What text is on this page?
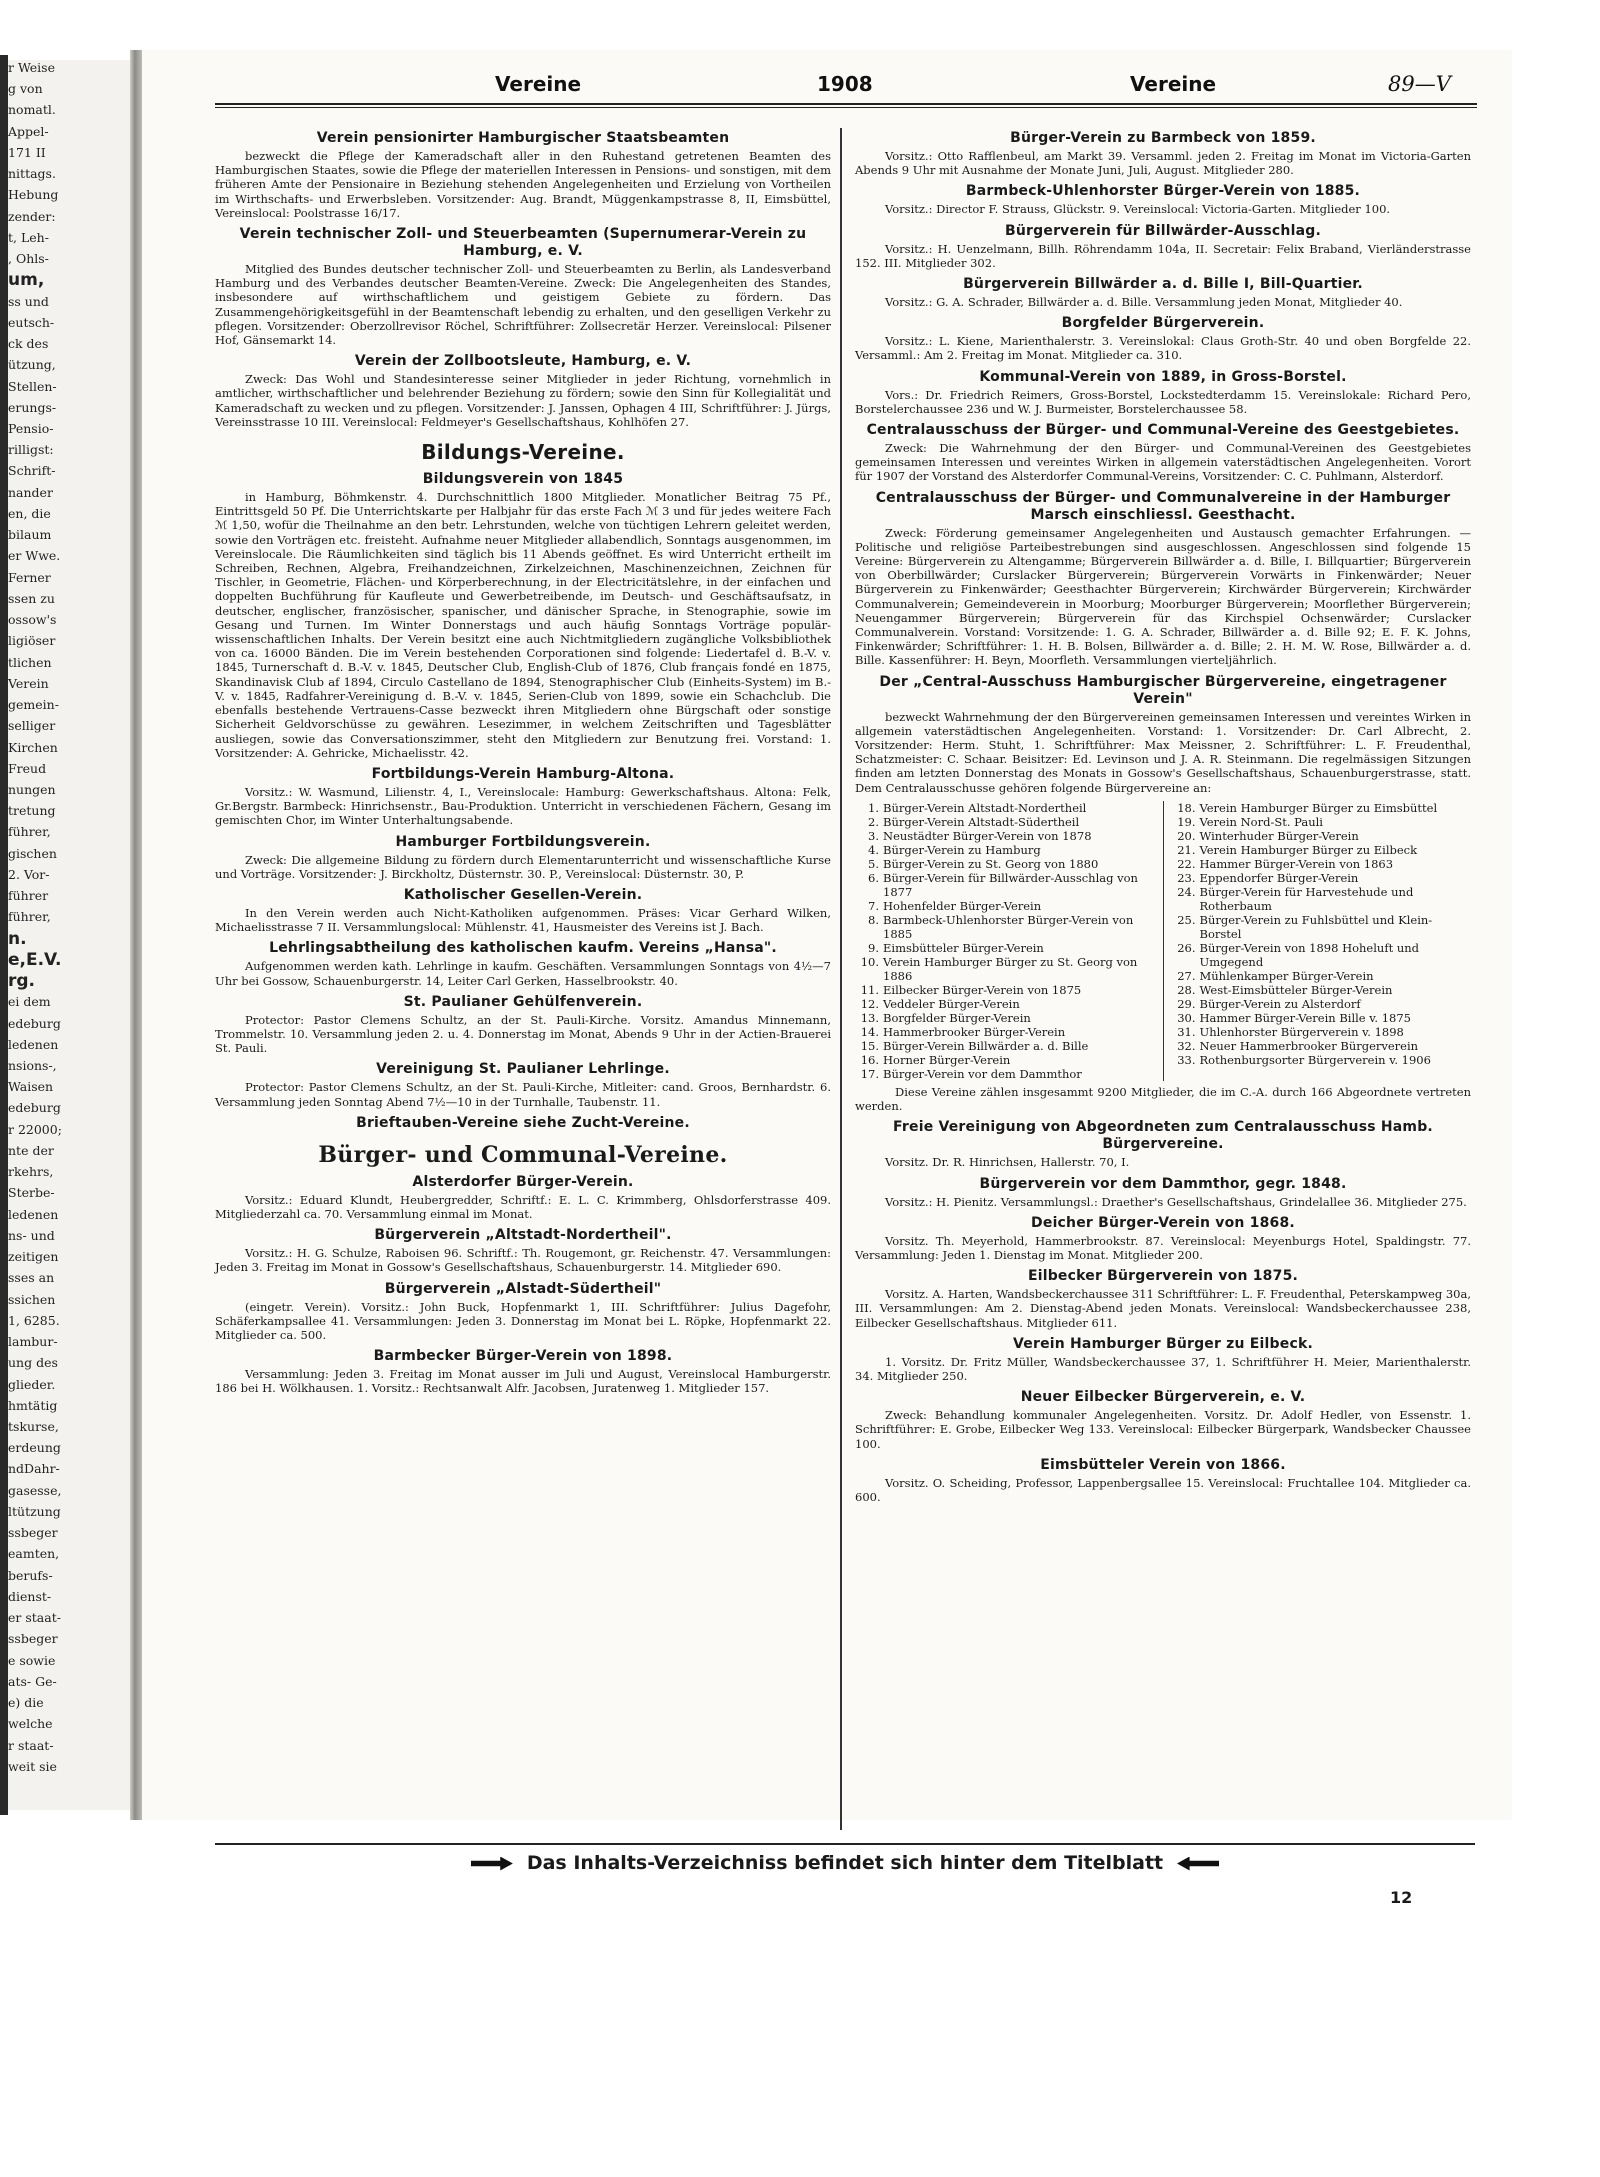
r Weise
g von
nomatl.
Appel-
171 II
nittags.
Hebung
zender:
t, Leh-
, Ohls-
um,
ss und
eutsch-
ck des
ützung,
Stellen-
erungs-
Pensio-
rilligst:
Schrift-
nander
en, die
bilaum
er Wwe.
Ferner
ssen zu
ossow's
ligiöser
tlichen
Verein
gemein-
selliger
Kirchen
Freud
nungen
tretung
führer,
gischen
2. Vor-
führer
führer,
n.
e,E.V.
rg.
ei dem
edeburg
ledenen
nsions-,
Waisen
edeburg
r 22000;
nte der
rkehrs,
Sterbe-
ledenen
ns- und
zeitigen
sses an
ssichen
1, 6285.
lambur-
ung des
glieder.
hmtätig
tskurse,
erdeung
ndDahr-
gasesse,
ltützung
ssbeger
eamten,
berufs-
dienst-
er staat-
ssbeger
e sowie
ats- Ge-
e) die
welche
r staat-
weit sie
Vereine	1908	Vereine	89—V
Verein pensionirter Hamburgischer Staatsbeamten

bezweckt die Pflege der Kameradschaft aller in den Ruhestand getretenen Beamten des Hamburgischen Staates, sowie die Pflege der materiellen Interessen in Pensions- und sonstigen, mit dem früheren Amte der Pensionaire in Beziehung stehenden Angelegenheiten und Erzielung von Vortheilen im Wirthschafts- und Erwerbsleben. Vorsitzender: Aug. Brandt, Müggenkampstrasse 8, II, Eimsbüttel, Vereinslocal: Poolstrasse 16/17.

Verein technischer Zoll- und Steuerbeamten (Supernumerar-Verein zu Hamburg, e. V.

Mitglied des Bundes deutscher technischer Zoll- und Steuerbeamten zu Berlin, als Landesverband Hamburg und des Verbandes deutscher Beamten-Vereine. Zweck: Die Angelegenheiten des Standes, insbesondere auf wirthschaftlichem und geistigem Gebiete zu fördern. Das Zusammengehörigkeitsgefühl in der Beamtenschaft lebendig zu erhalten, und den geselligen Verkehr zu pflegen. Vorsitzender: Oberzollrevisor Röchel, Schriftführer: Zollsecretär Herzer. Vereinslocal: Pilsener Hof, Gänsemarkt 14.

Verein der Zollbootsleute, Hamburg, e. V.

Zweck: Das Wohl und Standesinteresse seiner Mitglieder in jeder Richtung, vornehmlich in amtlicher, wirthschaftlicher und belehrender Beziehung zu fördern; sowie den Sinn für Kollegialität und Kameradschaft zu wecken und zu pflegen. Vorsitzender: J. Janssen, Ophagen 4 III, Schriftführer: J. Jürgs, Vereinsstrasse 10 III. Vereinslocal: Feldmeyer's Gesellschaftshaus, Kohlhöfen 27.

Bildungs-Vereine.
Bildungsverein von 1845

in Hamburg, Böhmkenstr. 4. Durchschnittlich 1800 Mitglieder. Monatlicher Beitrag 75 Pf., Eintrittsgeld 50 Pf. Die Unterrichtskarte per Halbjahr für das erste Fach ℳ 3 und für jedes weitere Fach ℳ 1,50, wofür die Theilnahme an den betr. Lehrstunden, welche von tüchtigen Lehrern geleitet werden, sowie den Vorträgen etc. freisteht. Aufnahme neuer Mitglieder allabendlich, Sonntags ausgenommen, im Vereinslocale. Die Räumlichkeiten sind täglich bis 11 Abends geöffnet. Es wird Unterricht ertheilt im Schreiben, Rechnen, Algebra, Freihandzeichnen, Zirkelzeichnen, Maschinenzeichnen, Zeichnen für Tischler, in Geometrie, Flächen- und Körperberechnung, in der Electricitätslehre, in der einfachen und doppelten Buchführung für Kaufleute und Gewerbetreibende, im Deutsch- und Geschäftsaufsatz, in deutscher, englischer, französischer, spanischer, und dänischer Sprache, in Stenographie, sowie im Gesang und Turnen. Im Winter Donnerstags und auch häufig Sonntags Vorträge populär-wissenschaftlichen Inhalts. Der Verein besitzt eine auch Nichtmitgliedern zugängliche Volksbibliothek von ca. 16000 Bänden. Die im Verein bestehenden Corporationen sind folgende: Liedertafel d. B.-V. v. 1845, Turnerschaft d. B.-V. v. 1845, Deutscher Club, English-Club of 1876, Club français fondé en 1875, Skandinavisk Club af 1894, Circulo Castellano de 1894, Stenographischer Club (Einheits-System) im B.-V. v. 1845, Radfahrer-Vereinigung d. B.-V. v. 1845, Serien-Club von 1899, sowie ein Schachclub. Die ebenfalls bestehende Vertrauens-Casse bezweckt ihren Mitgliedern ohne Bürgschaft oder sonstige Sicherheit Geldvorschüsse zu gewähren. Lesezimmer, in welchem Zeitschriften und Tagesblätter ausliegen, sowie das Conversationszimmer, steht den Mitgliedern zur Benutzung frei. Vorstand: 1. Vorsitzender: A. Gehricke, Michaelisstr. 42.

Fortbildungs-Verein Hamburg-Altona.

Vorsitz.: W. Wasmund, Lilienstr. 4, I., Vereinslocale: Hamburg: Gewerkschaftshaus. Altona: Felk, Gr.Bergstr. Barmbeck: Hinrichsenstr., Bau-Produktion. Unterricht in verschiedenen Fächern, Gesang im gemischten Chor, im Winter Unterhaltungsabende.

Hamburger Fortbildungsverein.

Zweck: Die allgemeine Bildung zu fördern durch Elementarunterricht und wissenschaftliche Kurse und Vorträge. Vorsitzender: J. Birckholtz, Düsternstr. 30. P., Vereinslocal: Düsternstr. 30, P.

Katholischer Gesellen-Verein.

In den Verein werden auch Nicht-Katholiken aufgenommen. Präses: Vicar Gerhard Wilken, Michaelisstrasse 7 II. Versammlungslocal: Mühlenstr. 41, Hausmeister des Vereins ist J. Bach.

Lehrlingsabtheilung des katholischen kaufm. Vereins „Hansa".

Aufgenommen werden kath. Lehrlinge in kaufm. Geschäften. Versammlungen Sonntags von 4½—7 Uhr bei Gossow, Schauenburgerstr. 14, Leiter Carl Gerken, Hasselbrookstr. 40.

St. Paulianer Gehülfenverein.

Protector: Pastor Clemens Schultz, an der St. Pauli-Kirche. Vorsitz. Amandus Minnemann, Trommelstr. 10. Versammlung jeden 2. u. 4. Donnerstag im Monat, Abends 9 Uhr in der Actien-Brauerei St. Pauli.

Vereinigung St. Paulianer Lehrlinge.

Protector: Pastor Clemens Schultz, an der St. Pauli-Kirche, Mitleiter: cand. Groos, Bernhardstr. 6. Versammlung jeden Sonntag Abend 7½—10 in der Turnhalle, Taubenstr. 11.

Brieftauben-Vereine siehe Zucht-Vereine.
Bürger- und Communal-Vereine.
Alsterdorfer Bürger-Verein.

Vorsitz.: Eduard Klundt, Heubergredder, Schriftf.: E. L. C. Krimmberg, Ohlsdorferstrasse 409. Mitgliederzahl ca. 70. Versammlung einmal im Monat.

Bürgerverein „Altstadt-Nordertheil".

Vorsitz.: H. G. Schulze, Raboisen 96. Schriftf.: Th. Rougemont, gr. Reichenstr. 47. Versammlungen: Jeden 3. Freitag im Monat in Gossow's Gesellschaftshaus, Schauenburgerstr. 14. Mitglieder 690.

Bürgerverein „Alstadt-Südertheil"

(eingetr. Verein). Vorsitz.: John Buck, Hopfenmarkt 1, III. Schriftführer: Julius Dagefohr, Schäferkampsallee 41. Versammlungen: Jeden 3. Donnerstag im Monat bei L. Röpke, Hopfenmarkt 22. Mitglieder ca. 500.

Barmbecker Bürger-Verein von 1898.

Versammlung: Jeden 3. Freitag im Monat ausser im Juli und August, Vereinslocal Hamburgerstr. 186 bei H. Wölkhausen. 1. Vorsitz.: Rechtsanwalt Alfr. Jacobsen, Juratenweg 1. Mitglieder 157.

Bürger-Verein zu Barmbeck von 1859.

Vorsitz.: Otto Rafflenbeul, am Markt 39. Versamml. jeden 2. Freitag im Monat im Victoria-Garten Abends 9 Uhr mit Ausnahme der Monate Juni, Juli, August. Mitglieder 280.

Barmbeck-Uhlenhorster Bürger-Verein von 1885.

Vorsitz.: Director F. Strauss, Glückstr. 9. Vereinslocal: Victoria-Garten. Mitglieder 100.

Bürgerverein für Billwärder-Ausschlag.

Vorsitz.: H. Uenzelmann, Billh. Röhrendamm 104a, II. Secretair: Felix Braband, Vierländerstrasse 152. III. Mitglieder 302.

Bürgerverein Billwärder a. d. Bille I, Bill-Quartier.

Vorsitz.: G. A. Schrader, Billwärder a. d. Bille. Versammlung jeden Monat, Mitglieder 40.

Borgfelder Bürgerverein.

Vorsitz.: L. Kiene, Marienthalerstr. 3. Vereinslokal: Claus Groth-Str. 40 und oben Borgfelde 22. Versamml.: Am 2. Freitag im Monat. Mitglieder ca. 310.

Kommunal-Verein von 1889, in Gross-Borstel.

Vors.: Dr. Friedrich Reimers, Gross-Borstel, Lockstedterdamm 15. Vereinslokale: Richard Pero, Borstelerchaussee 236 und W. J. Burmeister, Borstelerchaussee 58.

Centralausschuss der Bürger- und Communal-Vereine des Geestgebietes.

Zweck: Die Wahrnehmung der den Bürger- und Communal-Vereinen des Geestgebietes gemeinsamen Interessen und vereintes Wirken in allgemein vaterstädtischen Angelegenheiten. Vorort für 1907 der Vorstand des Alsterdorfer Communal-Vereins, Vorsitzender: C. C. Puhlmann, Alsterdorf.

Centralausschuss der Bürger- und Communalvereine in der Hamburger Marsch einschliessl. Geesthacht.

Zweck: Förderung gemeinsamer Angelegenheiten und Austausch gemachter Erfahrungen. — Politische und religiöse Parteibestrebungen sind ausgeschlossen. Angeschlossen sind folgende 15 Vereine: Bürgerverein zu Altengamme; Bürgerverein Billwärder a. d. Bille, I. Billquartier; Bürgerverein von Oberbillwärder; Curslacker Bürgerverein; Bürgerverein Vorwärts in Finkenwärder; Neuer Bürgerverein zu Finkenwärder; Geesthachter Bürgerverein; Kirchwärder Bürgerverein; Kirchwärder Communalverein; Gemeindeverein in Moorburg; Moorburger Bürgerverein; Moorflether Bürgerverein; Neuengammer Bürgerverein; Bürgerverein für das Kirchspiel Ochsenwärder; Curslacker Communalverein. Vorstand: Vorsitzende: 1. G. A. Schrader, Billwärder a. d. Bille 92; E. F. K. Johns, Finkenwärder; Schriftführer: 1. H. B. Bolsen, Billwärder a. d. Bille; 2. H. M. W. Rose, Billwärder a. d. Bille. Kassenführer: H. Beyn, Moorfleth. Versammlungen vierteljährlich.

Der „Central-Ausschuss Hamburgischer Bürgervereine, eingetragener Verein"

bezweckt Wahrnehmung der den Bürgervereinen gemeinsamen Interessen und vereintes Wirken in allgemein vaterstädtischen Angelegenheiten. Vorstand: 1. Vorsitzender: Dr. Carl Albrecht, 2. Vorsitzender: Herm. Stuht, 1. Schriftführer: Max Meissner, 2. Schriftführer: L. F. Freudenthal, Schatzmeister: C. Schaar. Beisitzer: Ed. Levinson und J. A. R. Steinmann. Die regelmässigen Sitzungen finden am letzten Donnerstag des Monats in Gossow's Gesellschaftshaus, Schauenburgerstrasse, statt. Dem Centralausschusse gehören folgende Bürgervereine an:

1. Bürger-Verein Altstadt-Nordertheil
2. Bürger-Verein Altstadt-Südertheil
3. Neustädter Bürger-Verein von 1878
4. Bürger-Verein zu Hamburg
5. Bürger-Verein zu St. Georg von 1880
6. Bürger-Verein für Billwärder-Ausschlag von 1877
7. Hohenfelder Bürger-Verein
8. Barmbeck-Uhlenhorster Bürger-Verein von 1885
9. Eimsbütteler Bürger-Verein
10. Verein Hamburger Bürger zu St. Georg von 1886
11. Eilbecker Bürger-Verein von 1875
12. Veddeler Bürger-Verein
13. Borgfelder Bürger-Verein
14. Hammerbrooker Bürger-Verein
15. Bürger-Verein Billwärder a. d. Bille
16. Horner Bürger-Verein
17. Bürger-Verein vor dem Dammthor
18. Verein Hamburger Bürger zu Eimsbüttel
19. Verein Nord-St. Pauli
20. Winterhuder Bürger-Verein
21. Verein Hamburger Bürger zu Eilbeck
22. Hammer Bürger-Verein von 1863
23. Eppendorfer Bürger-Verein
24. Bürger-Verein für Harvestehude und Rotherbaum
25. Bürger-Verein zu Fuhlsbüttel und Klein-Borstel
26. Bürger-Verein von 1898 Hoheluft und Umgegend
27. Mühlenkamper Bürger-Verein
28. West-Eimsbütteler Bürger-Verein
29. Bürger-Verein zu Alsterdorf
30. Hammer Bürger-Verein Bille v. 1875
31. Uhlenhorster Bürgerverein v. 1898
32. Neuer Hammerbrooker Bürgerverein
33. Rothenburgsorter Bürgerverein v. 1906

Diese Vereine zählen insgesammt 9200 Mitglieder, die im C.-A. durch 166 Abgeordnete vertreten werden.

Freie Vereinigung von Abgeordneten zum Centralausschuss Hamb. Bürgervereine.

Vorsitz. Dr. R. Hinrichsen, Hallerstr. 70, I.

Bürgerverein vor dem Dammthor, gegr. 1848.

Vorsitz.: H. Pienitz. Versammlungsl.: Draether's Gesellschaftshaus, Grindelallee 36. Mitglieder 275.

Deicher Bürger-Verein von 1868.

Vorsitz. Th. Meyerhold, Hammerbrookstr. 87. Vereinslocal: Meyenburgs Hotel, Spaldingstr. 77. Versammlung: Jeden 1. Dienstag im Monat. Mitglieder 200.

Eilbecker Bürgerverein von 1875.

Vorsitz. A. Harten, Wandsbeckerchaussee 311 Schriftführer: L. F. Freudenthal, Peterskampweg 30a, III. Versammlungen: Am 2. Dienstag-Abend jeden Monats. Vereinslocal: Wandsbeckerchaussee 238, Eilbecker Gesellschaftshaus. Mitglieder 611.

Verein Hamburger Bürger zu Eilbeck.

1. Vorsitz. Dr. Fritz Müller, Wandsbeckerchaussee 37, 1. Schriftführer H. Meier, Marienthalerstr. 34. Mitglieder 250.

Neuer Eilbecker Bürgerverein, e. V.

Zweck: Behandlung kommunaler Angelegenheiten. Vorsitz. Dr. Adolf Hedler, von Essenstr. 1. Schriftführer: E. Grobe, Eilbecker Weg 133. Vereinslocal: Eilbecker Bürgerpark, Wandsbecker Chaussee 100.

Eimsbütteler Verein von 1866.

Vorsitz. O. Scheiding, Professor, Lappenbergsallee 15. Vereinslocal: Fruchtallee 104. Mitglieder ca. 600.

Das Inhalts-Verzeichniss befindet sich hinter dem Titelblatt
12
